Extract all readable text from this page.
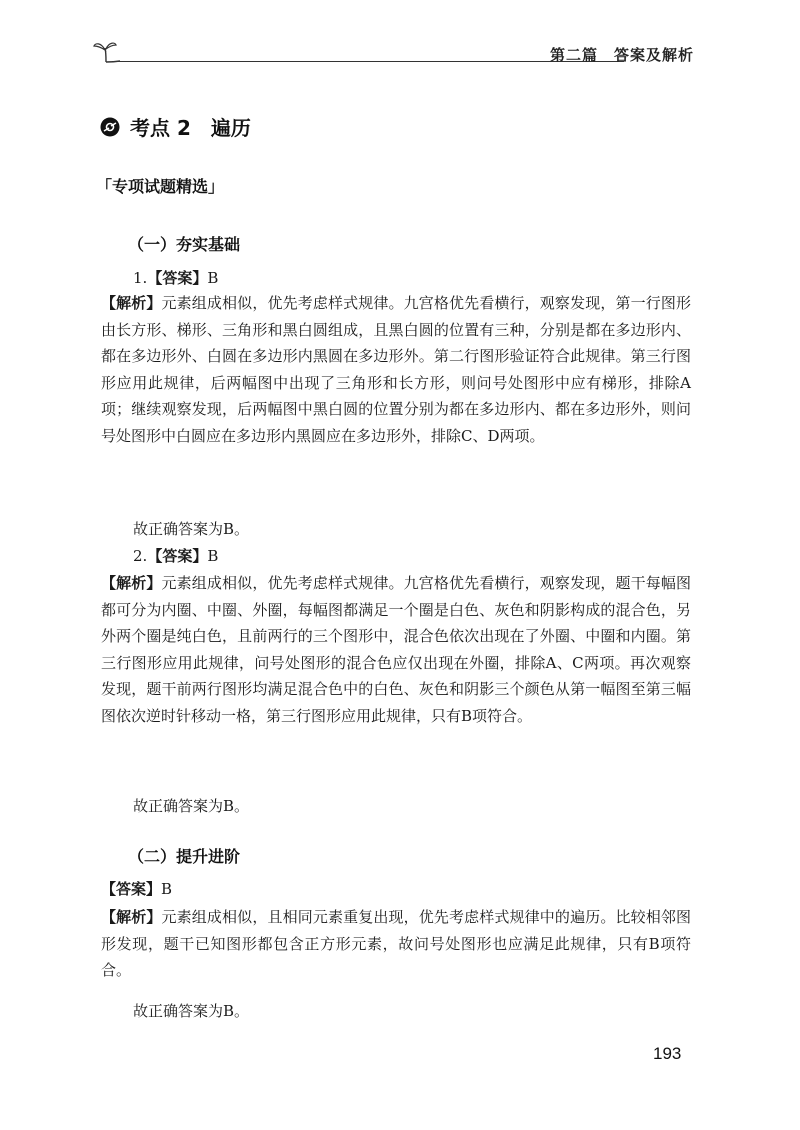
第二篇　答案及解析
考点 2　遍历
「专项试题精选」
（一）夯实基础
1.【答案】B
【解析】元素组成相似，优先考虑样式规律。九宫格优先看横行，观察发现，第一行图形由长方形、梯形、三角形和黑白圆组成，且黑白圆的位置有三种，分别是都在多边形内、都在多边形外、白圆在多边形内黑圆在多边形外。第二行图形验证符合此规律。第三行图形应用此规律，后两幅图中出现了三角形和长方形，则问号处图形中应有梯形，排除A项；继续观察发现，后两幅图中黑白圆的位置分别为都在多边形内、都在多边形外，则问号处图形中白圆应在多边形内黑圆应在多边形外，排除C、D两项。
故正确答案为B。
2.【答案】B
【解析】元素组成相似，优先考虑样式规律。九宫格优先看横行，观察发现，题干每幅图都可分为内圈、中圈、外圈，每幅图都满足一个圈是白色、灰色和阴影构成的混合色，另外两个圈是纯白色，且前两行的三个图形中，混合色依次出现在了外圈、中圈和内圈。第三行图形应用此规律，问号处图形的混合色应仅出现在外圈，排除A、C两项。再次观察发现，题干前两行图形均满足混合色中的白色、灰色和阴影三个颜色从第一幅图至第三幅图依次逆时针移动一格，第三行图形应用此规律，只有B项符合。
故正确答案为B。
（二）提升进阶
【答案】B
【解析】元素组成相似，且相同元素重复出现，优先考虑样式规律中的遍历。比较相邻图形发现，题干已知图形都包含正方形元素，故问号处图形也应满足此规律，只有B项符合。
故正确答案为B。
193
